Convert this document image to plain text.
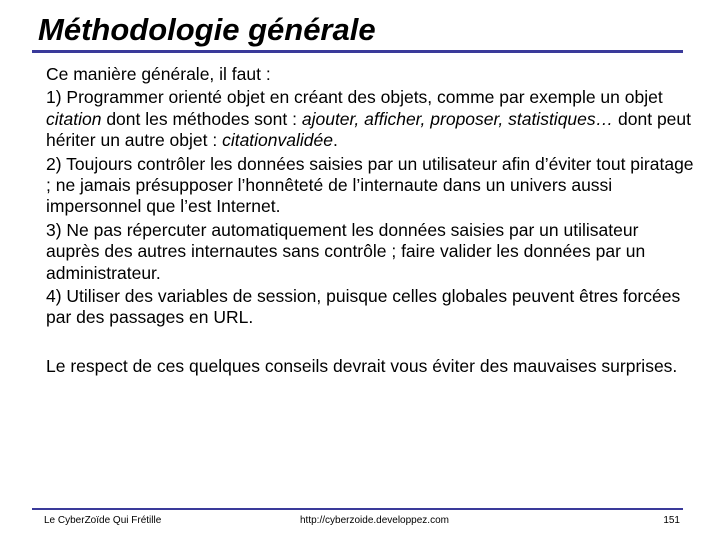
Méthodologie générale

Ce manière générale, il faut :

1) Programmer orienté objet en créant des objets, comme par exemple un objet citation dont les méthodes sont : ajouter, afficher, proposer, statistiques… dont peut hériter un autre objet : citationvalidée.

2) Toujours contrôler les données saisies par un utilisateur afin d’éviter tout piratage ; ne jamais présupposer l’honnêteté de l’internaute dans un univers aussi impersonnel que l’est Internet.

3) Ne pas répercuter automatiquement les données saisies par un utilisateur auprès des autres internautes sans contrôle ; faire valider les données par un administrateur.

4) Utiliser des variables de session, puisque celles globales peuvent êtres forcées par des passages en URL.

Le respect de ces quelques conseils devrait vous éviter des mauvaises surprises.

Le CyberZoïde Qui Frétille	http://cyberzoide.developpez.com	151
